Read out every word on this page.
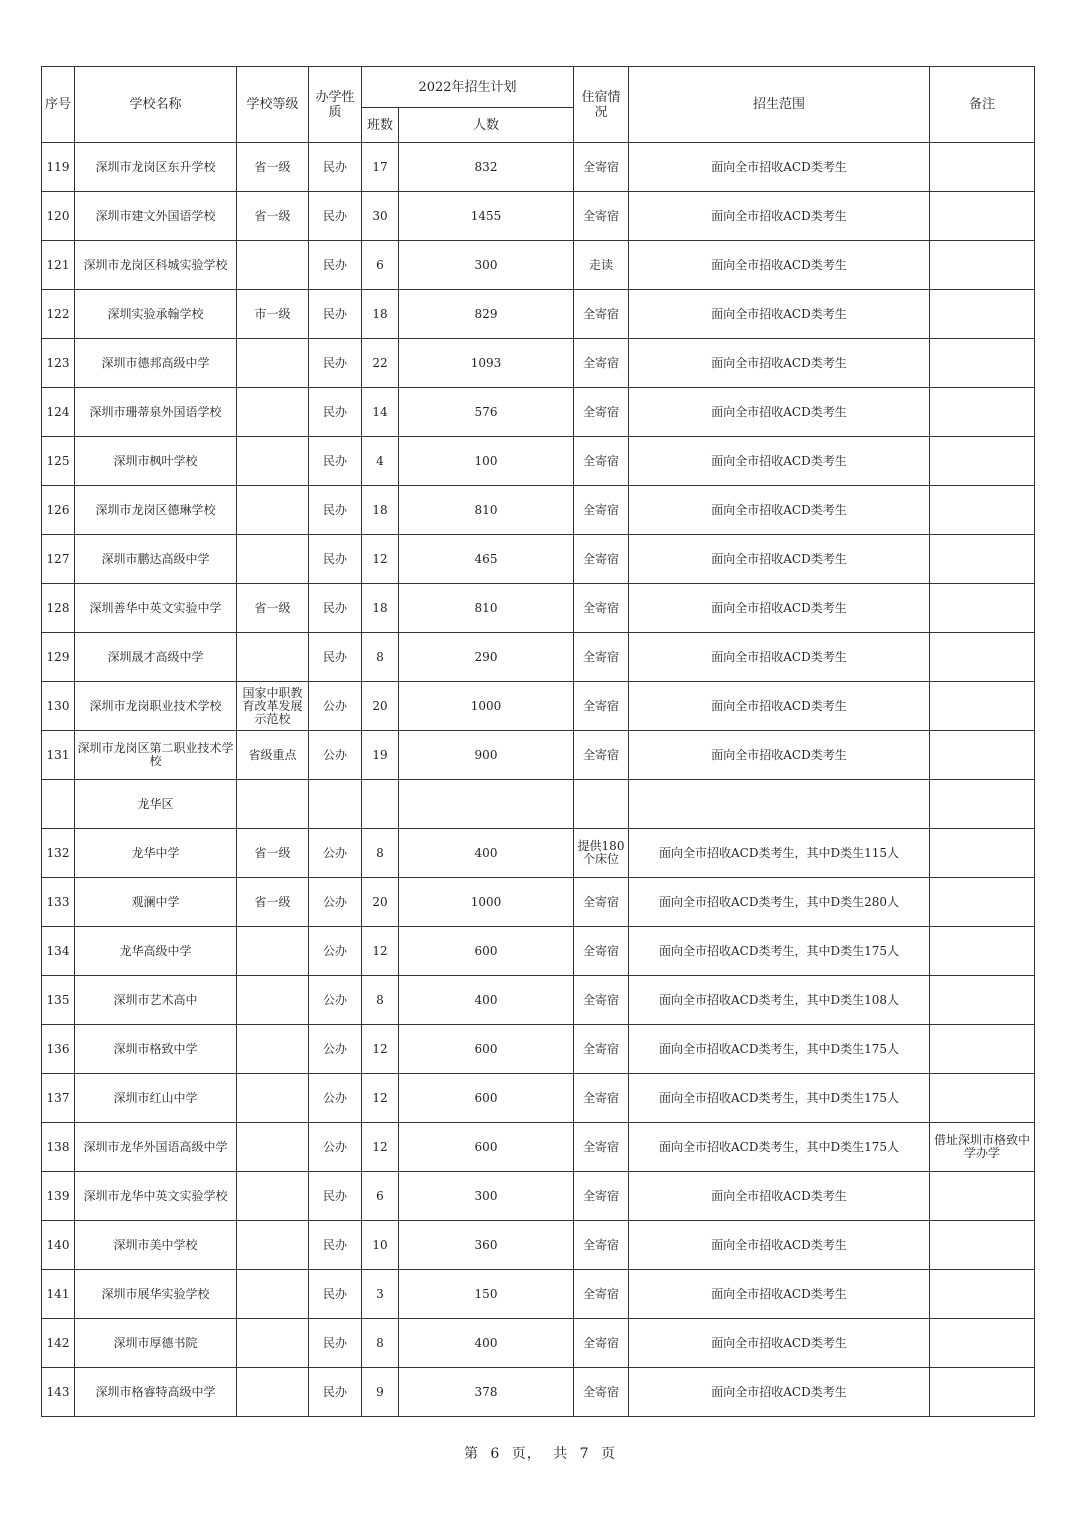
序号	学校名称	学校等级	办学性质	2022年招生计划		住宿情况	招生范围	备注
				班数	人数			
119	深圳市龙岗区东升学校	省一级	民办	17	832	全寄宿	面向全市招收ACD类考生	
120	深圳市建文外国语学校	省一级	民办	30	1455	全寄宿	面向全市招收ACD类考生	
121	深圳市龙岗区科城实验学校		民办	6	300	走读	面向全市招收ACD类考生	
122	深圳实验承翰学校	市一级	民办	18	829	全寄宿	面向全市招收ACD类考生	
123	深圳市德邦高级中学		民办	22	1093	全寄宿	面向全市招收ACD类考生	
124	深圳市珊蒂泉外国语学校		民办	14	576	全寄宿	面向全市招收ACD类考生	
125	深圳市枫叶学校		民办	4	100	全寄宿	面向全市招收ACD类考生	
126	深圳市龙岗区德琳学校		民办	18	810	全寄宿	面向全市招收ACD类考生	
127	深圳市鹏达高级中学		民办	12	465	全寄宿	面向全市招收ACD类考生	
128	深圳善华中英文实验中学	省一级	民办	18	810	全寄宿	面向全市招收ACD类考生	
129	深圳晟才高级中学		民办	8	290	全寄宿	面向全市招收ACD类考生	
130	深圳市龙岗职业技术学校	国家中职教育改革发展示范校	公办	20	1000	全寄宿	面向全市招收ACD类考生	
131	深圳市龙岗区第二职业技术学校	省级重点	公办	19	900	全寄宿	面向全市招收ACD类考生	
	龙华区							
132	龙华中学	省一级	公办	8	400	提供180个床位	面向全市招收ACD类考生，其中D类生115人	
133	观澜中学	省一级	公办	20	1000	全寄宿	面向全市招收ACD类考生，其中D类生280人	
134	龙华高级中学		公办	12	600	全寄宿	面向全市招收ACD类考生，其中D类生175人	
135	深圳市艺术高中		公办	8	400	全寄宿	面向全市招收ACD类考生，其中D类生108人	
136	深圳市格致中学		公办	12	600	全寄宿	面向全市招收ACD类考生，其中D类生175人	
137	深圳市红山中学		公办	12	600	全寄宿	面向全市招收ACD类考生，其中D类生175人	
138	深圳市龙华外国语高级中学		公办	12	600	全寄宿	面向全市招收ACD类考生，其中D类生175人	借址深圳市格致中学办学
139	深圳市龙华中英文实验学校		民办	6	300	全寄宿	面向全市招收ACD类考生	
140	深圳市美中学校		民办	10	360	全寄宿	面向全市招收ACD类考生	
141	深圳市展华实验学校		民办	3	150	全寄宿	面向全市招收ACD类考生	
142	深圳市厚德书院		民办	8	400	全寄宿	面向全市招收ACD类考生	
143	深圳市格睿特高级中学		民办	9	378	全寄宿	面向全市招收ACD类考生	
第 6 页， 共 7 页
